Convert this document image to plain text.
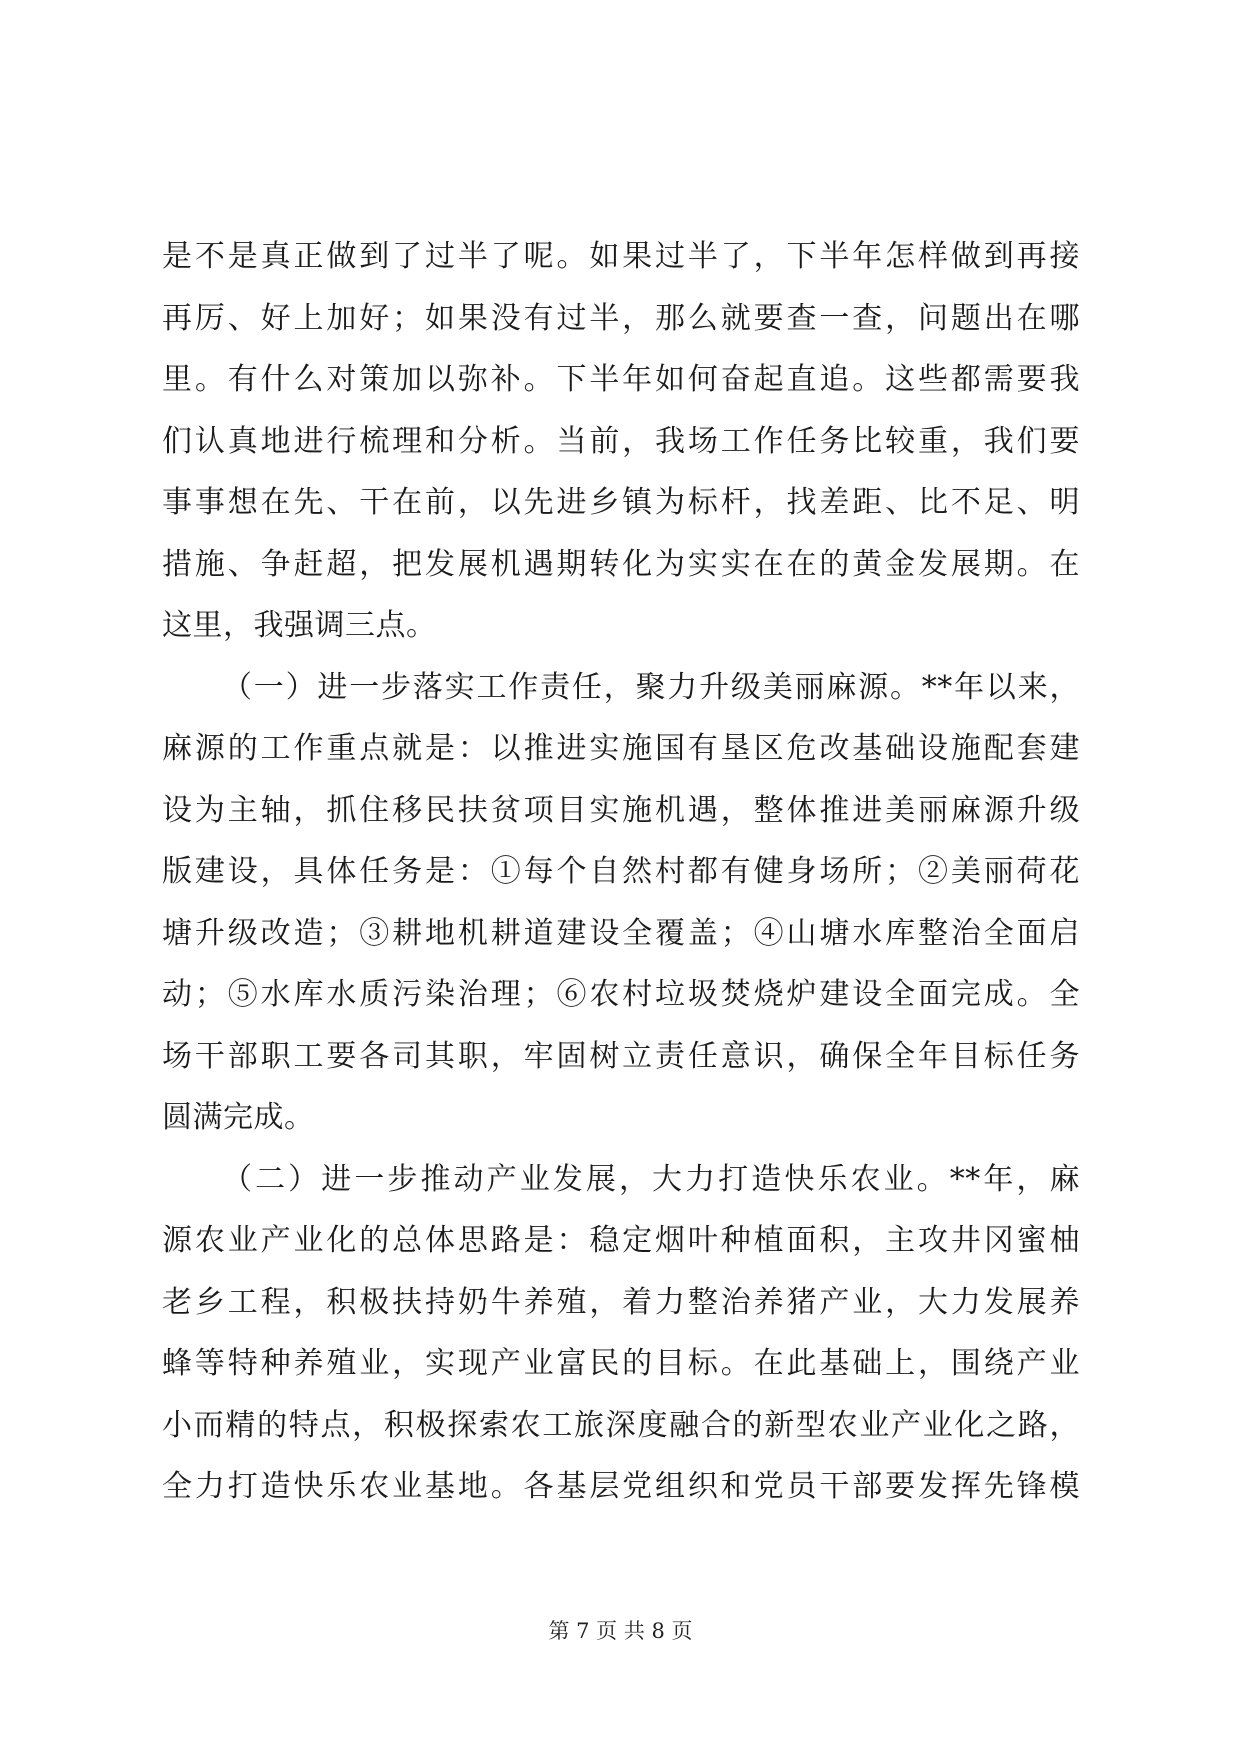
是不是真正做到了过半了呢。如果过半了，下半年怎样做到再接
再厉、好上加好；如果没有过半，那么就要查一查，问题出在哪
里。有什么对策加以弥补。下半年如何奋起直追。这些都需要我
们认真地进行梳理和分析。当前，我场工作任务比较重，我们要
事事想在先、干在前，以先进乡镇为标杆，找差距、比不足、明
措施、争赶超，把发展机遇期转化为实实在在的黄金发展期。在
这里，我强调三点。
（一）进一步落实工作责任，聚力升级美丽麻源。**年以来，
麻源的工作重点就是：以推进实施国有垦区危改基础设施配套建
设为主轴，抓住移民扶贫项目实施机遇，整体推进美丽麻源升级
版建设，具体任务是：①每个自然村都有健身场所；②美丽荷花
塘升级改造；③耕地机耕道建设全覆盖；④山塘水库整治全面启
动；⑤水库水质污染治理；⑥农村垃圾焚烧炉建设全面完成。全
场干部职工要各司其职，牢固树立责任意识，确保全年目标任务
圆满完成。
（二）进一步推动产业发展，大力打造快乐农业。**年，麻
源农业产业化的总体思路是：稳定烟叶种植面积，主攻井冈蜜柚
老乡工程，积极扶持奶牛养殖，着力整治养猪产业，大力发展养
蜂等特种养殖业，实现产业富民的目标。在此基础上，围绕产业
小而精的特点，积极探索农工旅深度融合的新型农业产业化之路，
全力打造快乐农业基地。各基层党组织和党员干部要发挥先锋模
第 7 页 共 8 页
